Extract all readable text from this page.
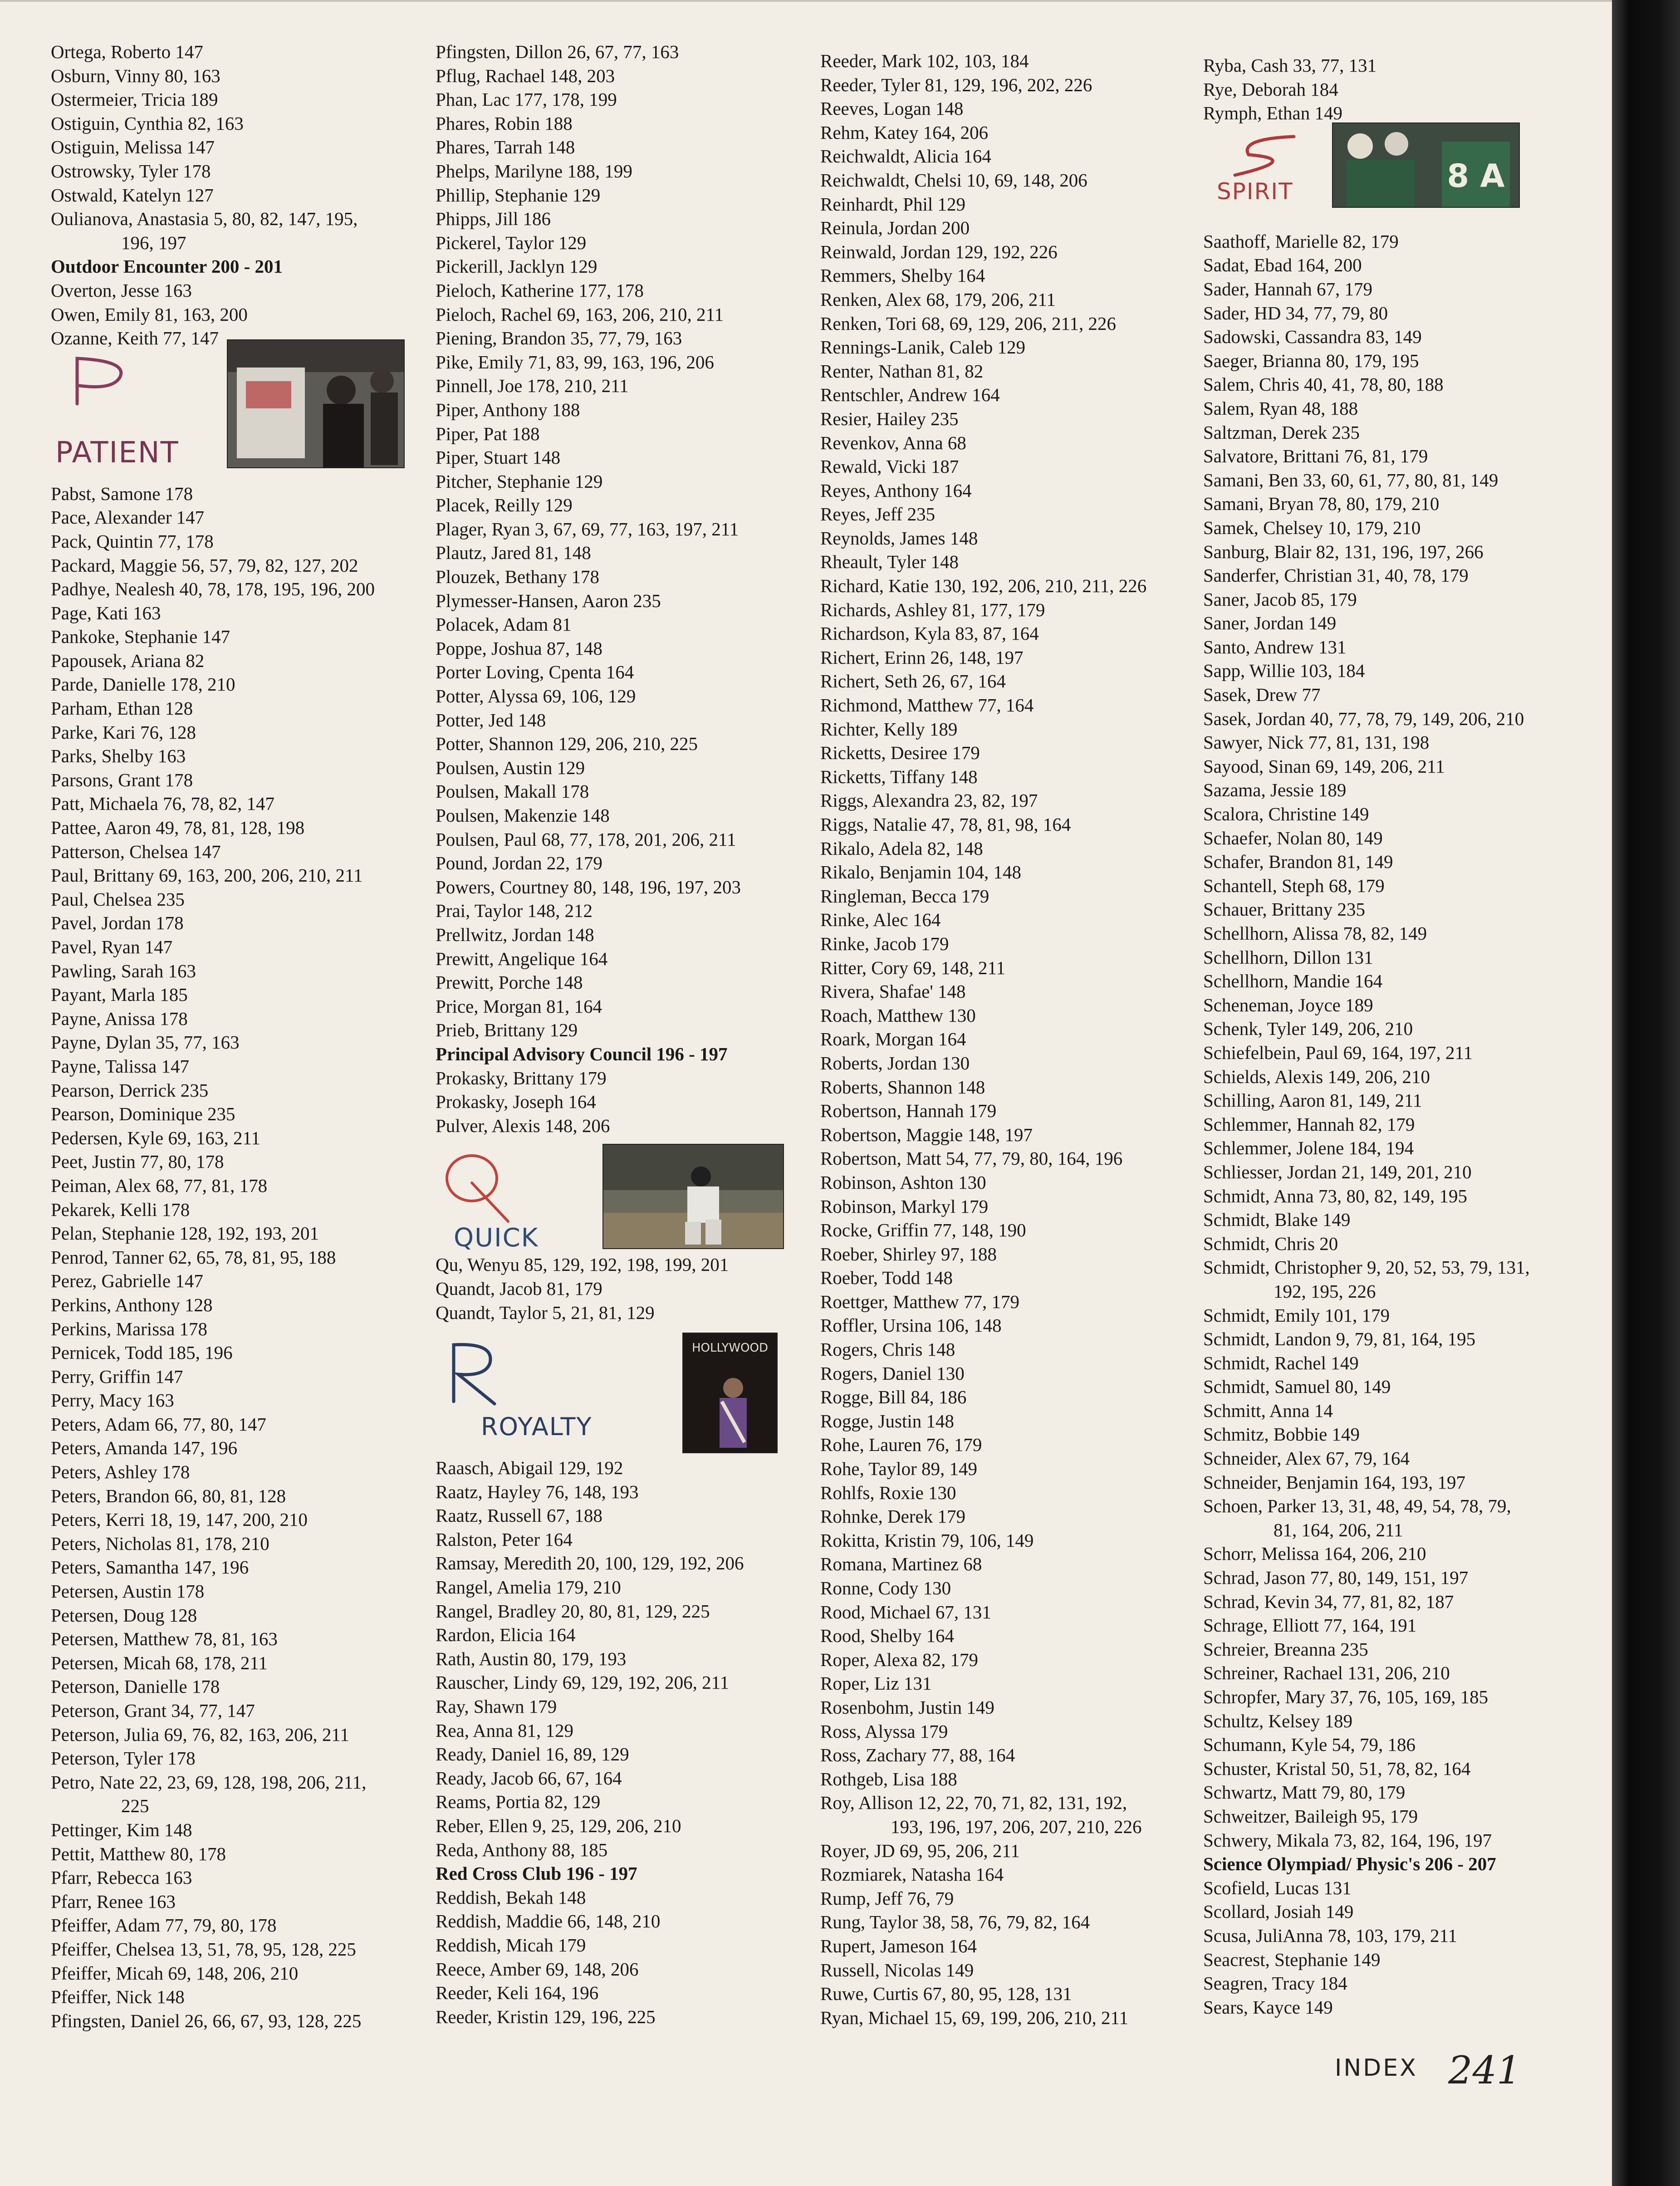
Ortega, Roberto 147
Osburn, Vinny 80, 163
Ostermeier, Tricia 189
Ostiguin, Cynthia 82, 163
Ostiguin, Melissa 147
Ostrowsky, Tyler 178
Ostwald, Katelyn 127
Oulianova, Anastasia 5, 80, 82, 147, 195,
196, 197
Outdoor Encounter 200 - 201
Overton, Jesse 163
Owen, Emily 81, 163, 200
Ozanne, Keith 77, 147
PATIENT
Pabst, Samone 178
Pace, Alexander 147
Pack, Quintin 77, 178
Packard, Maggie 56, 57, 79, 82, 127, 202
Padhye, Nealesh 40, 78, 178, 195, 196, 200
Page, Kati 163
Pankoke, Stephanie 147
Papousek, Ariana 82
Parde, Danielle 178, 210
Parham, Ethan 128
Parke, Kari 76, 128
Parks, Shelby 163
Parsons, Grant 178
Patt, Michaela 76, 78, 82, 147
Pattee, Aaron 49, 78, 81, 128, 198
Patterson, Chelsea 147
Paul, Brittany 69, 163, 200, 206, 210, 211
Paul, Chelsea 235
Pavel, Jordan 178
Pavel, Ryan 147
Pawling, Sarah 163
Payant, Marla 185
Payne, Anissa 178
Payne, Dylan 35, 77, 163
Payne, Talissa 147
Pearson, Derrick 235
Pearson, Dominique 235
Pedersen, Kyle 69, 163, 211
Peet, Justin 77, 80, 178
Peiman, Alex 68, 77, 81, 178
Pekarek, Kelli 178
Pelan, Stephanie 128, 192, 193, 201
Penrod, Tanner 62, 65, 78, 81, 95, 188
Perez, Gabrielle 147
Perkins, Anthony 128
Perkins, Marissa 178
Pernicek, Todd 185, 196
Perry, Griffin 147
Perry, Macy 163
Peters, Adam 66, 77, 80, 147
Peters, Amanda 147, 196
Peters, Ashley 178
Peters, Brandon 66, 80, 81, 128
Peters, Kerri 18, 19, 147, 200, 210
Peters, Nicholas 81, 178, 210
Peters, Samantha 147, 196
Petersen, Austin 178
Petersen, Doug 128
Petersen, Matthew 78, 81, 163
Petersen, Micah 68, 178, 211
Peterson, Danielle 178
Peterson, Grant 34, 77, 147
Peterson, Julia 69, 76, 82, 163, 206, 211
Peterson, Tyler 178
Petro, Nate 22, 23, 69, 128, 198, 206, 211,
225
Pettinger, Kim 148
Pettit, Matthew 80, 178
Pfarr, Rebecca 163
Pfarr, Renee 163
Pfeiffer, Adam 77, 79, 80, 178
Pfeiffer, Chelsea 13, 51, 78, 95, 128, 225
Pfeiffer, Micah 69, 148, 206, 210
Pfeiffer, Nick 148
Pfingsten, Daniel 26, 66, 67, 93, 128, 225
Pfingsten, Dillon 26, 67, 77, 163
Pflug, Rachael 148, 203
Phan, Lac 177, 178, 199
Phares, Robin 188
Phares, Tarrah 148
Phelps, Marilyne 188, 199
Phillip, Stephanie 129
Phipps, Jill 186
Pickerel, Taylor 129
Pickerill, Jacklyn 129
Pieloch, Katherine 177, 178
Pieloch, Rachel 69, 163, 206, 210, 211
Piening, Brandon 35, 77, 79, 163
Pike, Emily 71, 83, 99, 163, 196, 206
Pinnell, Joe 178, 210, 211
Piper, Anthony 188
Piper, Pat 188
Piper, Stuart 148
Pitcher, Stephanie 129
Placek, Reilly 129
Plager, Ryan 3, 67, 69, 77, 163, 197, 211
Plautz, Jared 81, 148
Plouzek, Bethany 178
Plymesser-Hansen, Aaron 235
Polacek, Adam 81
Poppe, Joshua 87, 148
Porter Loving, Cpenta 164
Potter, Alyssa 69, 106, 129
Potter, Jed 148
Potter, Shannon 129, 206, 210, 225
Poulsen, Austin 129
Poulsen, Makall 178
Poulsen, Makenzie 148
Poulsen, Paul 68, 77, 178, 201, 206, 211
Pound, Jordan 22, 179
Powers, Courtney 80, 148, 196, 197, 203
Prai, Taylor 148, 212
Prellwitz, Jordan 148
Prewitt, Angelique 164
Prewitt, Porche 148
Price, Morgan 81, 164
Prieb, Brittany 129
Principal Advisory Council 196 - 197
Prokasky, Brittany 179
Prokasky, Joseph 164
Pulver, Alexis 148, 206
QUICK
Qu, Wenyu 85, 129, 192, 198, 199, 201
Quandt, Jacob 81, 179
Quandt, Taylor 5, 21, 81, 129
ROYALTY
HOLLYWOOD
Raasch, Abigail 129, 192
Raatz, Hayley 76, 148, 193
Raatz, Russell 67, 188
Ralston, Peter 164
Ramsay, Meredith 20, 100, 129, 192, 206
Rangel, Amelia 179, 210
Rangel, Bradley 20, 80, 81, 129, 225
Rardon, Elicia 164
Rath, Austin 80, 179, 193
Rauscher, Lindy 69, 129, 192, 206, 211
Ray, Shawn 179
Rea, Anna 81, 129
Ready, Daniel 16, 89, 129
Ready, Jacob 66, 67, 164
Reams, Portia 82, 129
Reber, Ellen 9, 25, 129, 206, 210
Reda, Anthony 88, 185
Red Cross Club 196 - 197
Reddish, Bekah 148
Reddish, Maddie 66, 148, 210
Reddish, Micah 179
Reece, Amber 69, 148, 206
Reeder, Keli 164, 196
Reeder, Kristin 129, 196, 225
Reeder, Mark 102, 103, 184
Reeder, Tyler 81, 129, 196, 202, 226
Reeves, Logan 148
Rehm, Katey 164, 206
Reichwaldt, Alicia 164
Reichwaldt, Chelsi 10, 69, 148, 206
Reinhardt, Phil 129
Reinula, Jordan 200
Reinwald, Jordan 129, 192, 226
Remmers, Shelby 164
Renken, Alex 68, 179, 206, 211
Renken, Tori 68, 69, 129, 206, 211, 226
Rennings-Lanik, Caleb 129
Renter, Nathan 81, 82
Rentschler, Andrew 164
Resier, Hailey 235
Revenkov, Anna 68
Rewald, Vicki 187
Reyes, Anthony 164
Reyes, Jeff 235
Reynolds, James 148
Rheault, Tyler 148
Richard, Katie 130, 192, 206, 210, 211, 226
Richards, Ashley 81, 177, 179
Richardson, Kyla 83, 87, 164
Richert, Erinn 26, 148, 197
Richert, Seth 26, 67, 164
Richmond, Matthew 77, 164
Richter, Kelly 189
Ricketts, Desiree 179
Ricketts, Tiffany 148
Riggs, Alexandra 23, 82, 197
Riggs, Natalie 47, 78, 81, 98, 164
Rikalo, Adela 82, 148
Rikalo, Benjamin 104, 148
Ringleman, Becca 179
Rinke, Alec 164
Rinke, Jacob 179
Ritter, Cory 69, 148, 211
Rivera, Shafae' 148
Roach, Matthew 130
Roark, Morgan 164
Roberts, Jordan 130
Roberts, Shannon 148
Robertson, Hannah 179
Robertson, Maggie 148, 197
Robertson, Matt 54, 77, 79, 80, 164, 196
Robinson, Ashton 130
Robinson, Markyl 179
Rocke, Griffin 77, 148, 190
Roeber, Shirley 97, 188
Roeber, Todd 148
Roettger, Matthew 77, 179
Roffler, Ursina 106, 148
Rogers, Chris 148
Rogers, Daniel 130
Rogge, Bill 84, 186
Rogge, Justin 148
Rohe, Lauren 76, 179
Rohe, Taylor 89, 149
Rohlfs, Roxie 130
Rohnke, Derek 179
Rokitta, Kristin 79, 106, 149
Romana, Martinez 68
Ronne, Cody 130
Rood, Michael 67, 131
Rood, Shelby 164
Roper, Alexa 82, 179
Roper, Liz 131
Rosenbohm, Justin 149
Ross, Alyssa 179
Ross, Zachary 77, 88, 164
Rothgeb, Lisa 188
Roy, Allison 12, 22, 70, 71, 82, 131, 192,
193, 196, 197, 206, 207, 210, 226
Royer, JD 69, 95, 206, 211
Rozmiarek, Natasha 164
Rump, Jeff 76, 79
Rung, Taylor 38, 58, 76, 79, 82, 164
Rupert, Jameson 164
Russell, Nicolas 149
Ruwe, Curtis 67, 80, 95, 128, 131
Ryan, Michael 15, 69, 199, 206, 210, 211
Ryba, Cash 33, 77, 131
Rye, Deborah 184
Rymph, Ethan 149
SPIRIT	8 A
Saathoff, Marielle 82, 179
Sadat, Ebad 164, 200
Sader, Hannah 67, 179
Sader, HD 34, 77, 79, 80
Sadowski, Cassandra 83, 149
Saeger, Brianna 80, 179, 195
Salem, Chris 40, 41, 78, 80, 188
Salem, Ryan 48, 188
Saltzman, Derek 235
Salvatore, Brittani 76, 81, 179
Samani, Ben 33, 60, 61, 77, 80, 81, 149
Samani, Bryan 78, 80, 179, 210
Samek, Chelsey 10, 179, 210
Sanburg, Blair 82, 131, 196, 197, 266
Sanderfer, Christian 31, 40, 78, 179
Saner, Jacob 85, 179
Saner, Jordan 149
Santo, Andrew 131
Sapp, Willie 103, 184
Sasek, Drew 77
Sasek, Jordan 40, 77, 78, 79, 149, 206, 210
Sawyer, Nick 77, 81, 131, 198
Sayood, Sinan 69, 149, 206, 211
Sazama, Jessie 189
Scalora, Christine 149
Schaefer, Nolan 80, 149
Schafer, Brandon 81, 149
Schantell, Steph 68, 179
Schauer, Brittany 235
Schellhorn, Alissa 78, 82, 149
Schellhorn, Dillon 131
Schellhorn, Mandie 164
Scheneman, Joyce 189
Schenk, Tyler 149, 206, 210
Schiefelbein, Paul 69, 164, 197, 211
Schields, Alexis 149, 206, 210
Schilling, Aaron 81, 149, 211
Schlemmer, Hannah 82, 179
Schlemmer, Jolene 184, 194
Schliesser, Jordan 21, 149, 201, 210
Schmidt, Anna 73, 80, 82, 149, 195
Schmidt, Blake 149
Schmidt, Chris 20
Schmidt, Christopher 9, 20, 52, 53, 79, 131,
192, 195, 226
Schmidt, Emily 101, 179
Schmidt, Landon 9, 79, 81, 164, 195
Schmidt, Rachel 149
Schmidt, Samuel 80, 149
Schmitt, Anna 14
Schmitz, Bobbie 149
Schneider, Alex 67, 79, 164
Schneider, Benjamin 164, 193, 197
Schoen, Parker 13, 31, 48, 49, 54, 78, 79,
81, 164, 206, 211
Schorr, Melissa 164, 206, 210
Schrad, Jason 77, 80, 149, 151, 197
Schrad, Kevin 34, 77, 81, 82, 187
Schrage, Elliott 77, 164, 191
Schreier, Breanna 235
Schreiner, Rachael 131, 206, 210
Schropfer, Mary 37, 76, 105, 169, 185
Schultz, Kelsey 189
Schumann, Kyle 54, 79, 186
Schuster, Kristal 50, 51, 78, 82, 164
Schwartz, Matt 79, 80, 179
Schweitzer, Baileigh 95, 179
Schwery, Mikala 73, 82, 164, 196, 197
Science Olympiad/ Physic's 206 - 207
Scofield, Lucas 131
Scollard, Josiah 149
Scusa, JuliAnna 78, 103, 179, 211
Seacrest, Stephanie 149
Seagren, Tracy 184
Sears, Kayce 149
INDEX 241
